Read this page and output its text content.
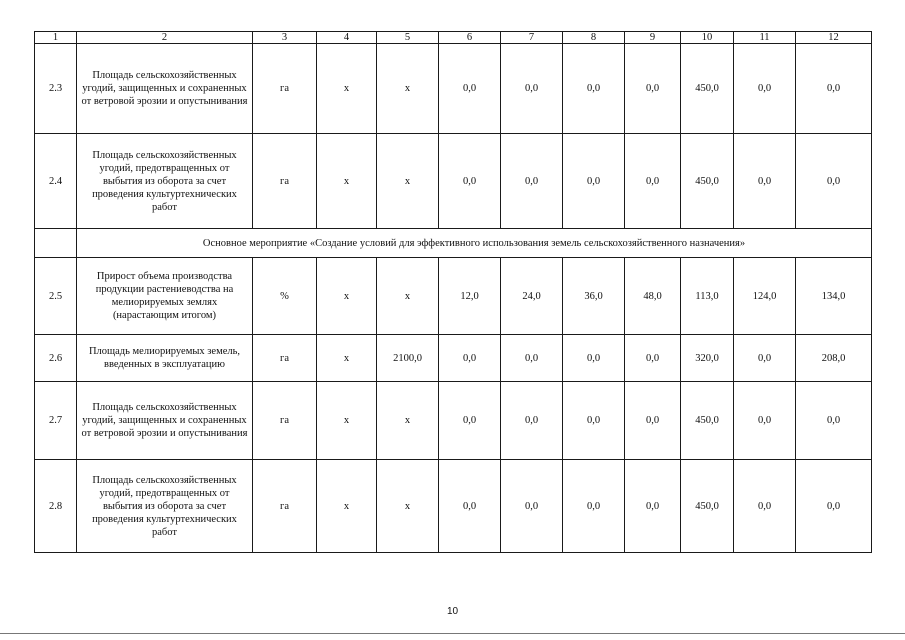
1	2	3	4	5	6	7	8	9	10	11	12
2.3	Площадь сельскохозяйственных угодий, защищенных и сохраненных от ветровой эрозии и опустынивания	га	х	х	0,0	0,0	0,0	0,0	450,0	0,0	0,0
2.4	Площадь сельскохозяйственных угодий, предотвращенных от выбытия из оборота за счет проведения культуртехнических работ	га	х	х	0,0	0,0	0,0	0,0	450,0	0,0	0,0
	Основное мероприятие «Создание условий для эффективного использования земель сельскохозяйственного назначения»										
2.5	Прирост объема производства продукции растениеводства на мелиорируемых землях (нарастающим итогом)	%	х	х	12,0	24,0	36,0	48,0	113,0	124,0	134,0
2.6	Площадь мелиорируемых земель, введенных в эксплуатацию	га	х	2100,0	0,0	0,0	0,0	0,0	320,0	0,0	208,0
2.7	Площадь сельскохозяйственных угодий, защищенных и сохраненных от ветровой эрозии и опустынивания	га	х	х	0,0	0,0	0,0	0,0	450,0	0,0	0,0
2.8	Площадь сельскохозяйственных угодий, предотвращенных от выбытия из оборота за счет проведения культуртехнических работ	га	х	х	0,0	0,0	0,0	0,0	450,0	0,0	0,0
10
